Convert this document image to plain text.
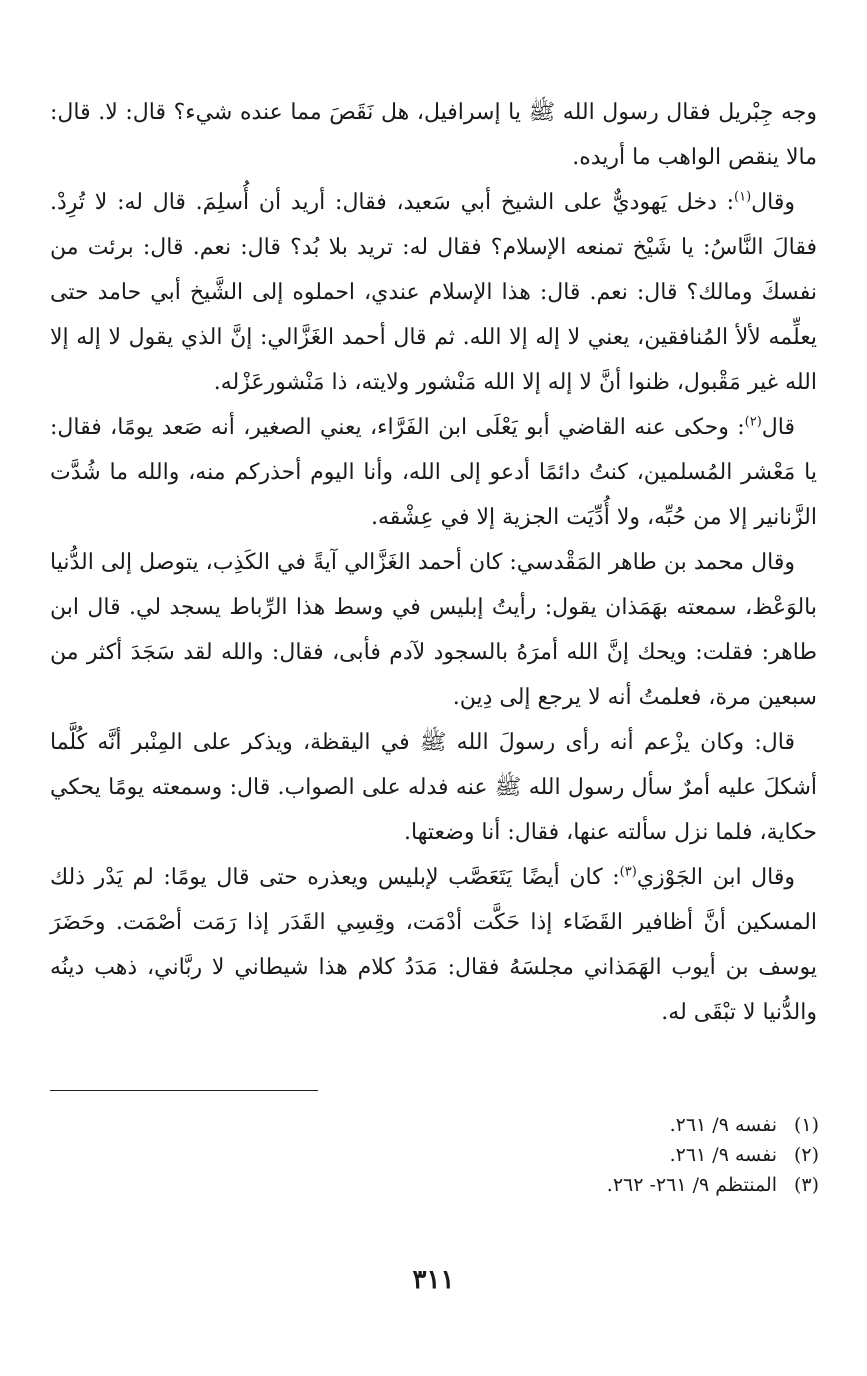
وجه جِبْريل فقال رسول الله ﷺ يا إسرافيل، هل نَقَصَ مما عنده شيء؟ قال: لا. قال: مالا ينقص الواهب ما أريده.

وقال$^{(١)}$: دخل يَهوديٌّ على الشيخ أبي سَعيد، فقال: أريد أن أُسلِمَ. قال له: لا تُرِدْ. فقالَ النَّاسُ: يا شَيْخ تمنعه الإسلام؟ فقال له: تريد بلا بُد؟ قال: نعم. قال: برئت من نفسكَ ومالك؟ قال: نعم. قال: هذا الإسلام عندي، احملوه إلى الشَّيخ أبي حامد حتى يعلِّمه لألأ المُنافقين، يعني لا إله إلا الله. ثم قال أحمد الغَزَّالي: إنَّ الذي يقول لا إله إلا الله غير مَقْبول، ظنوا أنَّ لا إله إلا الله مَنْشور ولايته، ذا مَنْشورعَزْله.

قال$^{(٢)}$: وحكى عنه القاضي أبو يَعْلَى ابن الفَرَّاء، يعني الصغير، أنه صَعد يومًا، فقال: يا مَعْشر المُسلمين، كنتُ دائمًا أدعو إلى الله، وأنا اليوم أحذركم منه، والله ما شُدَّت الزَّنانير إلا من حُبِّه، ولا أُدِّيَت الجزية إلا في عِشْقه.

وقال محمد بن طاهر المَقْدسي: كان أحمد الغَزَّالي آيةً في الكَذِب، يتوصل إلى الدُّنيا بالوَعْظ، سمعته بهَمَذان يقول: رأيتُ إبليس في وسط هذا الرِّباط يسجد لي. قال ابن طاهر: فقلت: ويحك إنَّ الله أمرَهُ بالسجود لآدم فأبى، فقال: والله لقد سَجَدَ أكثر من سبعين مرة، فعلمتُ أنه لا يرجع إلى دِين.

قال: وكان يزْعم أنه رأى رسولَ الله ﷺ في اليقظة، ويذكر على المِنْبر أنَّه كُلَّما أشكلَ عليه أمرٌ سأل رسول الله ﷺ عنه فدله على الصواب. قال: وسمعته يومًا يحكي حكاية، فلما نزل سألته عنها، فقال: أنا وضعتها.

وقال ابن الجَوْزي$^{(٣)}$: كان أيضًا يَتَعَصَّب لإبليس ويعذره حتى قال يومًا: لم يَدْر ذلك المسكين أنَّ أظافير القَضَاء إذا حَكَّت أدْمَت، وقِسِي القَدَر إذا رَمَت أصْمَت. وحَضَرَ يوسف بن أيوب الهَمَذاني مجلسَهُ فقال: مَدَدُ كلام هذا شيطاني لا ربَّاني، ذهب دينُه والدُّنيا لا تبْقَى له.

(١)نفسه ٩/ ٢٦١.

(٢)نفسه ٩/ ٢٦١.

(٣)المنتظم ٩/ ٢٦١- ٢٦٢.

٣١١
